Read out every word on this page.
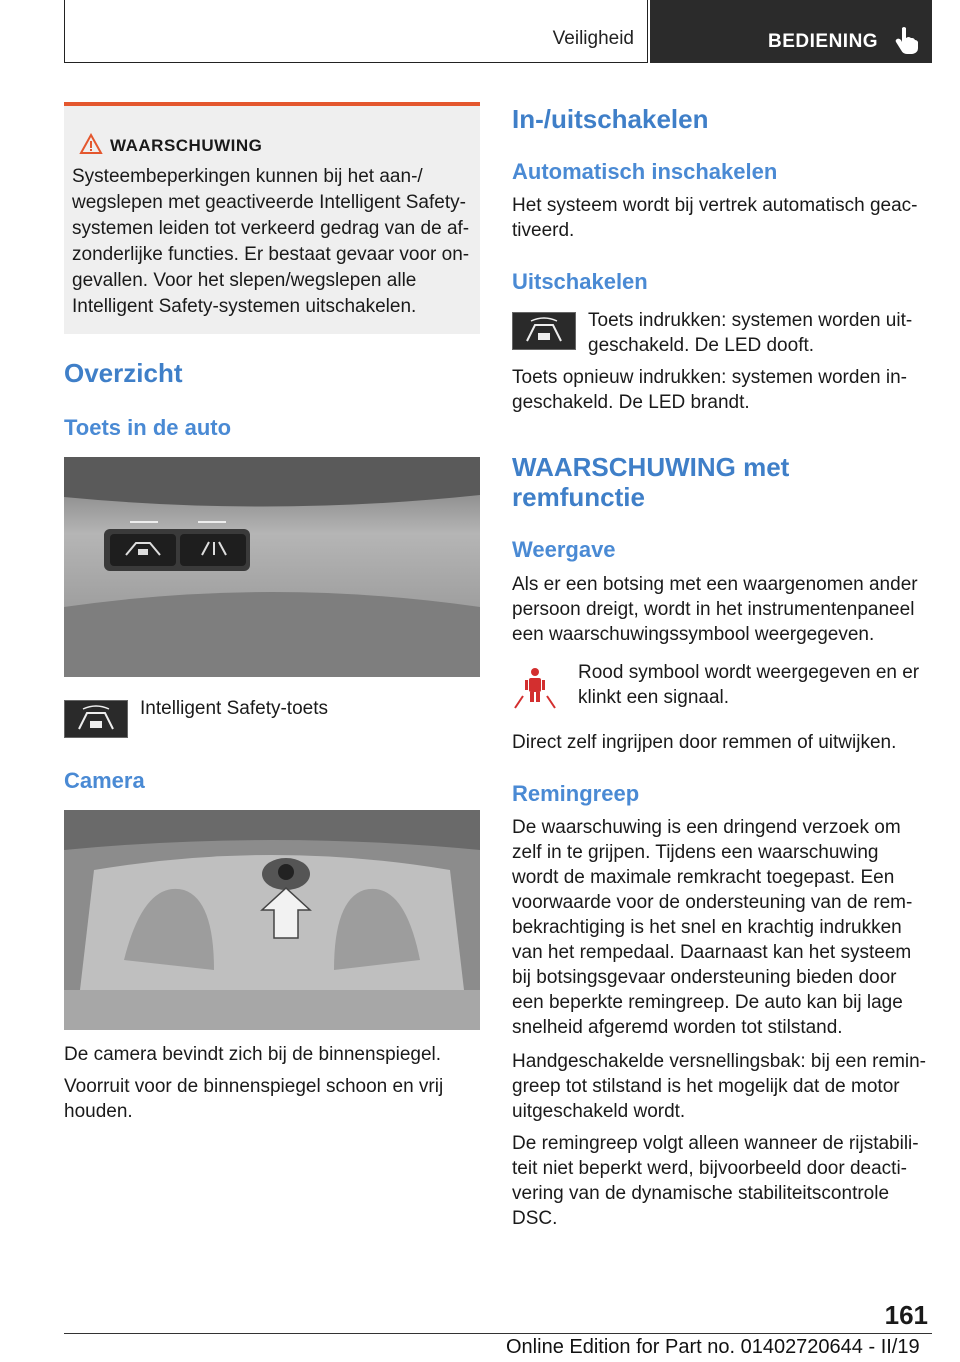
Veiligheid	BEDIENING
WAARSCHUWING
Systeembeperkingen kunnen bij het aan-/ wegslepen met geactiveerde Intelligent Safety-systemen leiden tot verkeerd gedrag van de af-zonderlijke functies. Er bestaat gevaar voor on-gevallen. Voor het slepen/wegslepen alle Intelligent Safety-systemen uitschakelen.
Overzicht
Toets in de auto
Intelligent Safety-toets
Camera
De camera bevindt zich bij de binnenspiegel.
Voorruit voor de binnenspiegel schoon en vrij houden.
In-/uitschakelen
Automatisch inschakelen
Het systeem wordt bij vertrek automatisch geac-tiveerd.
Uitschakelen
Toets indrukken: systemen worden uit-geschakeld. De LED dooft.
Toets opnieuw indrukken: systemen worden in-geschakeld. De LED brandt.
WAARSCHUWING met
remfunctie
Weergave
Als er een botsing met een waargenomen ander persoon dreigt, wordt in het instrumentenpaneel een waarschuwingssymbool weergegeven.
Rood symbool wordt weergegeven en er klinkt een signaal.
Direct zelf ingrijpen door remmen of uitwijken.
Remingreep
De waarschuwing is een dringend verzoek om zelf in te grijpen. Tijdens een waarschuwing wordt de maximale remkracht toegepast. Een voorwaarde voor de ondersteuning van de rem-bekrachtiging is het snel en krachtig indrukken van het rempedaal. Daarnaast kan het systeem bij botsingsgevaar ondersteuning bieden door een beperkte remingreep. De auto kan bij lage snelheid afgeremd worden tot stilstand.
Handgeschakelde versnellingsbak: bij een remin-greep tot stilstand is het mogelijk dat de motor uitgeschakeld wordt.
De remingreep volgt alleen wanneer de rijstabili-teit niet beperkt werd, bijvoorbeeld door deacti-vering van de dynamische stabiliteitscontrole DSC.
161
Online Edition for Part no. 01402720644 - II/19
